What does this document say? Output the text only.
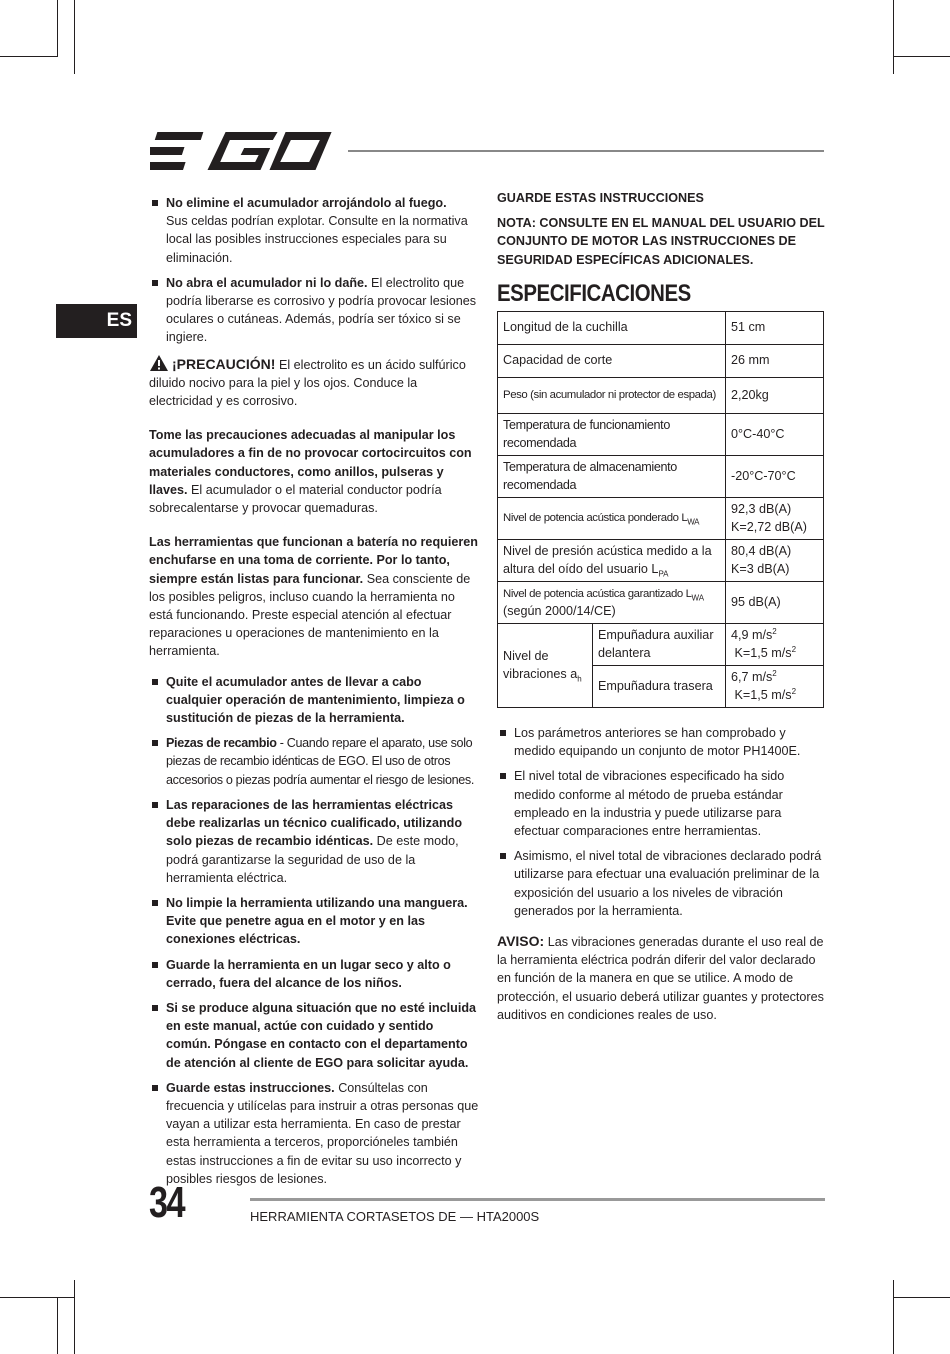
ES
No elimine el acumulador arrojándolo al fuego.
Sus celdas podrían explotar. Consulte en la normativa local las posibles instrucciones especiales para su eliminación.
No abra el acumulador ni lo dañe. El electrolito que podría liberarse es corrosivo y podría provocar lesiones oculares o cutáneas. Además, podría ser tóxico si se ingiere.

¡PRECAUCIÓN! El electrolito es un ácido sulfúrico diluido nocivo para la piel y los ojos. Conduce la electricidad y es corrosivo.

Tome las precauciones adecuadas al manipular los acumuladores a fin de no provocar cortocircuitos con materiales conductores, como anillos, pulseras y llaves. El acumulador o el material conductor podría sobrecalentarse y provocar quemaduras.

Las herramientas que funcionan a batería no requieren enchufarse en una toma de corriente. Por lo tanto, siempre están listas para funcionar. Sea consciente de los posibles peligros, incluso cuando la herramienta no está funcionando. Preste especial atención al efectuar reparaciones u operaciones de mantenimiento en la herramienta.

Quite el acumulador antes de llevar a cabo cualquier operación de mantenimiento, limpieza o sustitución de piezas de la herramienta.
Piezas de recambio - Cuando repare el aparato, use solo piezas de recambio idénticas de EGO. El uso de otros accesorios o piezas podría aumentar el riesgo de lesiones.
Las reparaciones de las herramientas eléctricas debe realizarlas un técnico cualificado, utilizando solo piezas de recambio idénticas. De este modo, podrá garantizarse la seguridad de uso de la herramienta eléctrica.
No limpie la herramienta utilizando una manguera. Evite que penetre agua en el motor y en las conexiones eléctricas.
Guarde la herramienta en un lugar seco y alto o cerrado, fuera del alcance de los niños.
Si se produce alguna situación que no esté incluida en este manual, actúe con cuidado y sentido común. Póngase en contacto con el departamento de atención al cliente de EGO para solicitar ayuda.
Guarde estas instrucciones. Consúltelas con frecuencia y utilícelas para instruir a otras personas que vayan a utilizar esta herramienta. En caso de prestar esta herramienta a terceros, proporcióneles también estas instrucciones a fin de evitar su uso incorrecto y posibles riesgos de lesiones.

GUARDE ESTAS INSTRUCCIONES

NOTA: CONSULTE EN EL MANUAL DEL USUARIO DEL CONJUNTO DE MOTOR LAS INSTRUCCIONES DE SEGURIDAD ESPECÍFICAS ADICIONALES.

ESPECIFICACIONES
Longitud de la cuchilla		51 cm
Capacidad de corte		26 mm
Peso (sin acumulador ni protector de espada)		2,20kg
Temperatura de funcionamiento recomendada		0°C-40°C
Temperatura de almacenamiento recomendada		-20°C-70°C
Nivel de potencia acústica ponderado $L_{WA}$		92,3 dB(A)
K=2,72 dB(A)
Nivel de presión acústica medido a la altura del oído del usuario $L_{PA}$		80,4 dB(A)
K=3 dB(A)
Nivel de potencia acústica garantizado $L_{WA}$
(según 2000/14/CE)		95 dB(A)
Nivel de vibraciones $a_h$	Empuñadura auxiliar delantera	4,9 $m/s^2$
K=1,5 $m/s^2$
	Empuñadura trasera	6,7 $m/s^2$
K=1,5 $m/s^2$
Los parámetros anteriores se han comprobado y medido equipando un conjunto de motor PH1400E.
El nivel total de vibraciones especificado ha sido medido conforme al método de prueba estándar empleado en la industria y puede utilizarse para efectuar comparaciones entre herramientas.
Asimismo, el nivel total de vibraciones declarado podrá utilizarse para efectuar una evaluación preliminar de la exposición del usuario a los niveles de vibración generados por la herramienta.

AVISO: Las vibraciones generadas durante el uso real de la herramienta eléctrica podrán diferir del valor declarado en función de la manera en que se utilice. A modo de protección, el usuario deberá utilizar guantes y protectores auditivos en condiciones reales de uso.

34	HERRAMIENTA CORTASETOS DE — HTA2000S
